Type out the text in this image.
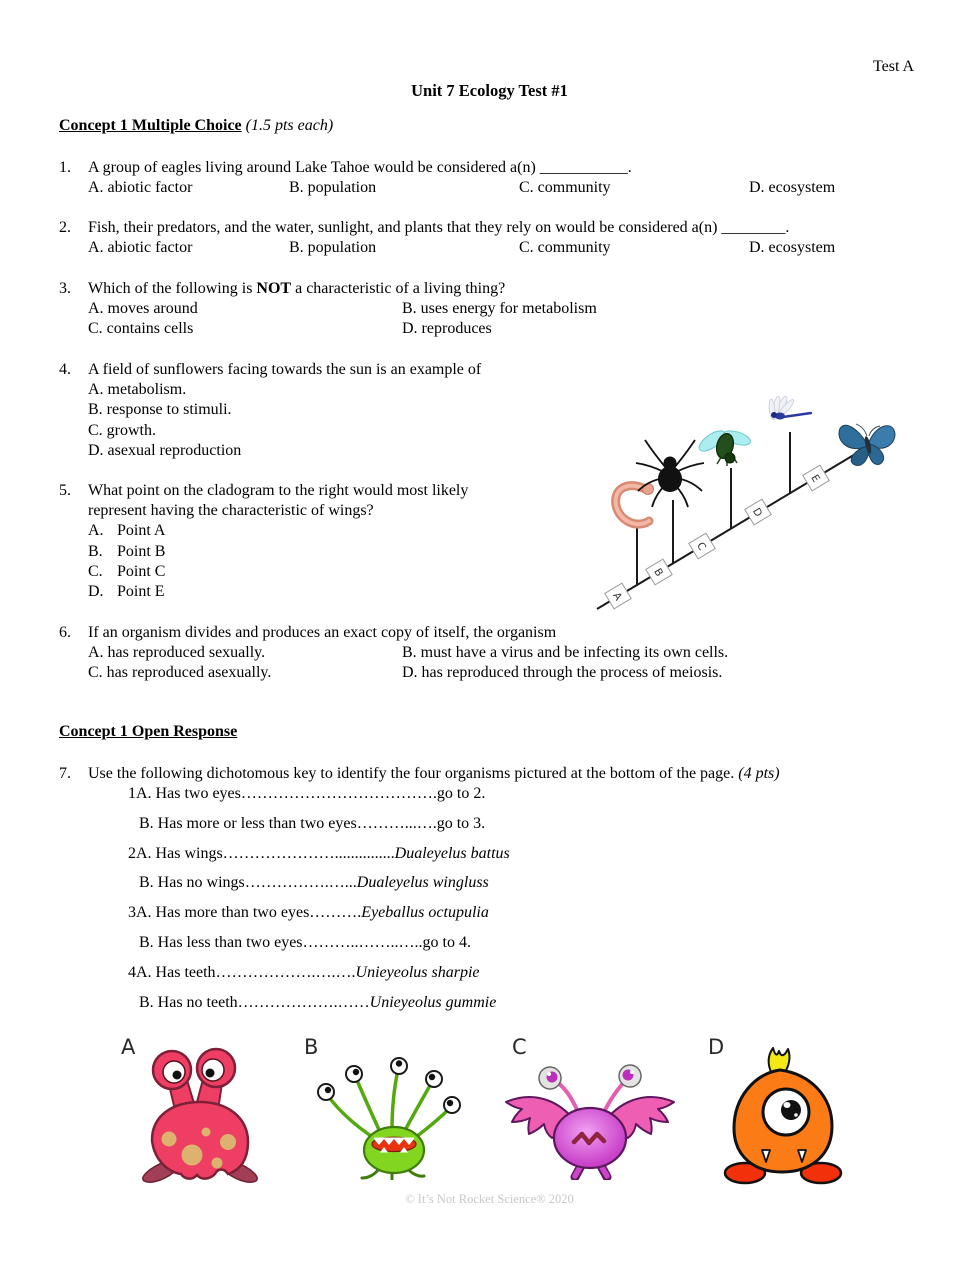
Test A
Unit 7 Ecology Test #1
Concept 1 Multiple Choice (1.5 pts each)
1.	A group of eagles living around Lake Tahoe would be considered a(n) ___________.
A. abiotic factor	B. population	C. community	D. ecosystem
2.	Fish, their predators, and the water, sunlight, and plants that they rely on would be considered a(n) ________.
A. abiotic factor	B. population	C. community	D. ecosystem
3.	Which of the following is NOT a characteristic of a living thing?
A. moves around	B. uses energy for metabolism
C. contains cells	D. reproduces
4.	A field of sunflowers facing towards the sun is an example of
A. metabolism.
B. response to stimuli.
C. growth.
D. asexual reproduction
5.	What point on the cladogram to the right would most likely
represent having the characteristic of wings?
A. Point A
B. Point B
C. Point C
D. Point E	A
B
C
D
E
6.	If an organism divides and produces an exact copy of itself, the organism
A. has reproduced sexually.	B. must have a virus and be infecting its own cells.
C. has reproduced asexually.	D. has reproduced through the process of meiosis.
Concept 1 Open Response
7.	Use the following dichotomous key to identify the four organisms pictured at the bottom of the page. (4 pts)
1A. Has two eyes……………………………….go to 2.
B. Has more or less than two eyes………...….go to 3.
2A. Has wings…………………...............Dualeyelus battus
B. Has no wings…………….…...Dualeyelus wingluss
3A. Has more than two eyes……….Eyeballus octupulia
B. Has less than two eyes………..……..…..go to 4.
4A. Has teeth……………….….….Unieyeolus sharpie
B. Has no teeth……………….……Unieyeolus gummie
A	B	C	D
© It’s Not Rocket Science® 2020
